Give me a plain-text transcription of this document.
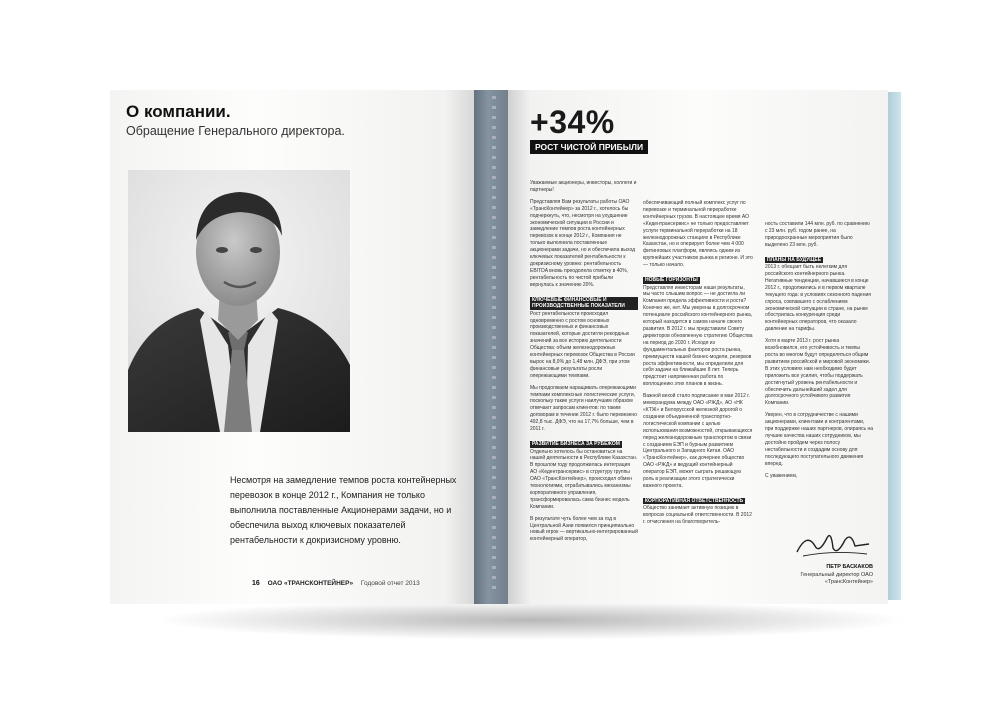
О компании.
Обращение Генерального директора.
Несмотря на замедление темпов роста контейнерных перевозок в конце 2012 г., Компания не только выполнила поставленные Акционерами задачи, но и обеспечила выход ключевых показателей рентабельности к докризисному уровню.
16 ОАО «ТРАНСКОНТЕЙНЕР» Годовой отчет 2013
+34%
РОСТ ЧИСТОЙ ПРИБЫЛИ

Уважаемые акционеры, инвесторы, коллеги и партнеры!

Представляя Вам результаты работы ОАО «ТрансКонтейнер» за 2012 г., хотелось бы подчеркнуть, что, несмотря на ухудшение экономической ситуации в России и замедление темпов роста контейнерных перевозок в конце 2012 г., Компания не только выполнила поставленные акционерами задачи, но и обеспечила выход ключевых показателей рентабельности к докризисному уровню: рентабельность EBITDA вновь преодолела отметку в 40%, рентабельность по чистой прибыли вернулась к значению 20%.

КЛЮЧЕВЫЕ ФИНАНСОВЫЕ И ПРОИЗВОДСТВЕННЫЕ ПОКАЗАТЕЛИ

Рост рентабельности происходил одновременно с ростом основных производственных и финансовых показателей, которые достигли рекордных значений за все историю деятельности Общества: объем железнодорожных контейнерных перевозок Общества в России вырос на 8,9% до 1,48 млн. ДФЭ, при этом финансовые результаты росли опережающими темпами.

Мы продолжаем наращивать опережающими темпами комплексные логистические услуги, поскольку такие услуги наилучшим образом отвечают запросам клиентов: по таким договорам в течение 2012 г. было перевезено 492,8 тыс. ДФЭ, что на 17,7% больше, чем в 2011 г.

РАЗВИТИЕ БИЗНЕСА ЗА РУБЕЖОМ

Отдельно хотелось бы остановиться на нашей деятельности в Республике Казахстан. В прошлом году продолжилась интеграция АО «Кедентрансервис» в структуру группы ОАО «ТрансКонтейнер», происходил обмен технологиями, отрабатывались механизмы корпоративного управления, трансформировалась сама бизнес модель Компании.

В результате чуть более чем за год в Центральной Азии появился принципиально новый игрок — вертикально-интегрированный контейнерный оператор,

обеспечивающий полный комплекс услуг по перевозке и терминальной переработке контейнерных грузов. В настоящее время АО «Кедентрансервис» не только предоставляет услуги терминальной переработки на 18 железнодорожных станциях в Республике Казахстан, но и оперирует более чем 4 000 фитинговых платформ, являясь одним из крупнейших участников рынка в регионе. И это — только начало.

НОВЫЕ ГОРИЗОНТЫ

Представляя инвесторам наши результаты, мы часто слышим вопрос — не достигла ли Компания предела эффективности и роста? Конечно же, нет. Мы уверены в долгосрочном потенциале российского контейнерного рынка, который находится в самом начале своего развития. В 2012 г. мы представили Совету директоров обновленную стратегию Общества на период до 2020 г. Исходя из фундаментальных факторов роста рынка, преимуществ нашей бизнес-модели, резервов роста эффективности, мы определили для себя задачи на ближайшие 8 лет. Теперь предстоит напряженная работа по воплощению этих планов в жизнь.

Важной вехой стало подписание в мае 2012 г. меморандума между ОАО «РЖД», АО «НК «КТЖ» и Белорусской железной дорогой о создании объединенной транспортно-логистической компании с целью использования возможностей, открывающихся перед железнодорожным транспортом в связи с созданием ЕЭП и бурным развитием Центрального и Западного Китая. ОАО «ТрансКонтейнер», как дочернее общество ОАО «РЖД» и ведущий контейнерный оператор ЕЭП, может сыграть решающую роль в реализации этого стратегически важного проекта.

КОРПОРАТИВНАЯ ОТВЕТСТВЕННОСТЬ

Общество занимает активную позицию в вопросах социальной ответственности. В 2012 г. отчисления на благотворитель-

ность составили 144 млн. руб. по сравнению с 23 млн. руб. годом ранее, на природоохранные мероприятия было выделено 23 млн. руб.

ПЛАНЫ НА БУДУЩЕЕ

2013 г. обещает быть нелегким для российского контейнерного рынка. Негативные тенденции, начавшиеся в конце 2012 г., продолжились и в первом квартале текущего года: в условиях сезонного падения спроса, совпавшего с ослаблением экономической ситуации в стране, на рынке обострилась конкуренция среди контейнерных операторов, что оказало давление на тарифы.

Хотя в марте 2013 г. рост рынка возобновился, его устойчивость и темпы роста во многом будут определяться общим развитием российской и мировой экономики. В этих условиях нам необходимо будет приложить все усилия, чтобы поддержать достигнутый уровень рентабельности и обеспечить дальнейший задел для долгосрочного устойчивого развития Компании.

Уверен, что в сотрудничестве с нашими акционерами, клиентами и контрагентами, при поддержке наших партнеров, опираясь на лучшие качества наших сотрудников, мы достойно пройдем через полосу нестабильности и создадим основу для последующего поступательного движения вперед.

С уважением,

ПЕТР БАСКАКОВ
Генеральный директор ОАО «ТрансКонтейнер»
